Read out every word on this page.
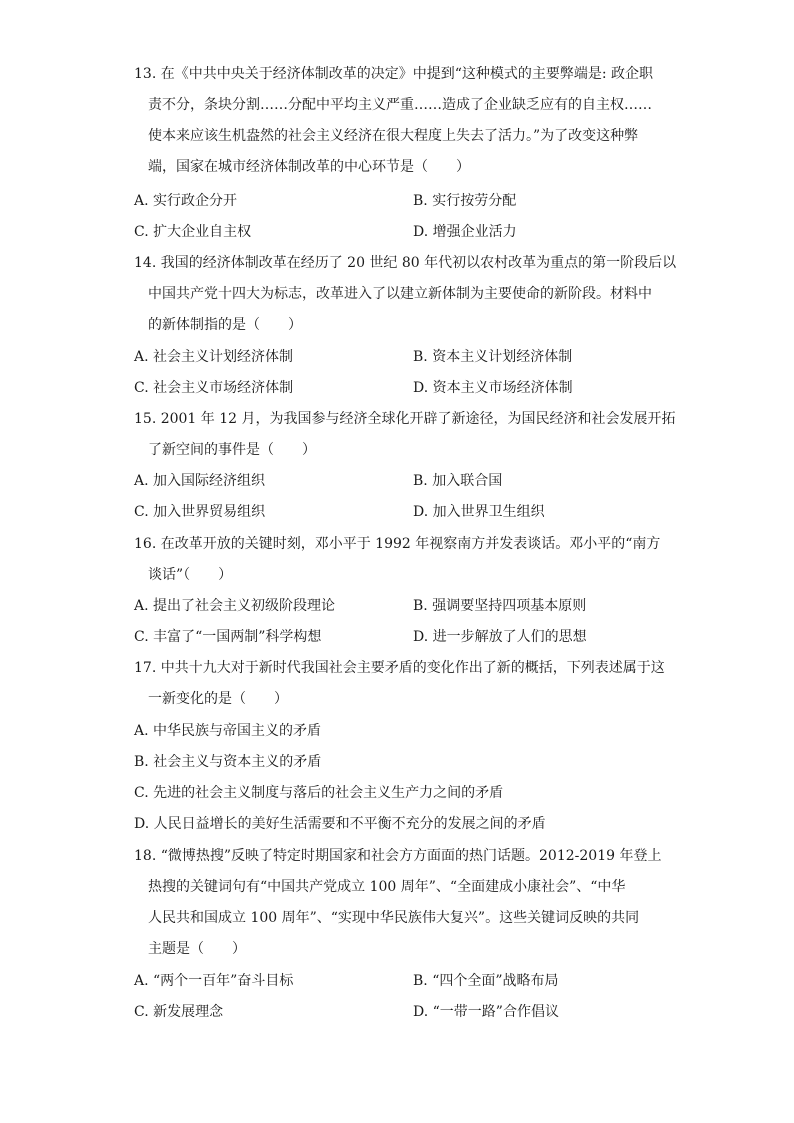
13. 在《中共中央关于经济体制改革的决定》中提到“这种模式的主要弊端是: 政企职
责不分，条块分割……分配中平均主义严重……造成了企业缺乏应有的自主权……
使本来应该生机盎然的社会主义经济在很大程度上失去了活力。”为了改变这种弊
端，国家在城市经济体制改革的中心环节是（　　）
A. 实行政企分开	B. 实行按劳分配
C. 扩大企业自主权	D. 增强企业活力
14. 我国的经济体制改革在经历了 20 世纪 80 年代初以农村改革为重点的第一阶段后以
中国共产党十四大为标志，改革进入了以建立新体制为主要使命的新阶段。材料中
的新体制指的是（　　）
A. 社会主义计划经济体制	B. 资本主义计划经济体制
C. 社会主义市场经济体制	D. 资本主义市场经济体制
15. 2001 年 12 月，为我国参与经济全球化开辟了新途径，为国民经济和社会发展开拓
了新空间的事件是（　　）
A. 加入国际经济组织	B. 加入联合国
C. 加入世界贸易组织	D. 加入世界卫生组织
16. 在改革开放的关键时刻，邓小平于 1992 年视察南方并发表谈话。邓小平的“南方
谈话”（　　）
A. 提出了社会主义初级阶段理论	B. 强调要坚持四项基本原则
C. 丰富了“一国两制”科学构想	D. 进一步解放了人们的思想
17. 中共十九大对于新时代我国社会主要矛盾的变化作出了新的概括，下列表述属于这
一新变化的是（　　）
A. 中华民族与帝国主义的矛盾
B. 社会主义与资本主义的矛盾
C. 先进的社会主义制度与落后的社会主义生产力之间的矛盾
D. 人民日益增长的美好生活需要和不平衡不充分的发展之间的矛盾
18. “微博热搜”反映了特定时期国家和社会方方面面的热门话题。2012-2019 年登上
热搜的关键词句有“中国共产党成立 100 周年”、“全面建成小康社会”、“中华
人民共和国成立 100 周年”、“实现中华民族伟大复兴”。这些关键词反映的共同
主题是（　　）
A. “两个一百年”奋斗目标	B. “四个全面”战略布局
C. 新发展理念	D. “一带一路”合作倡议
